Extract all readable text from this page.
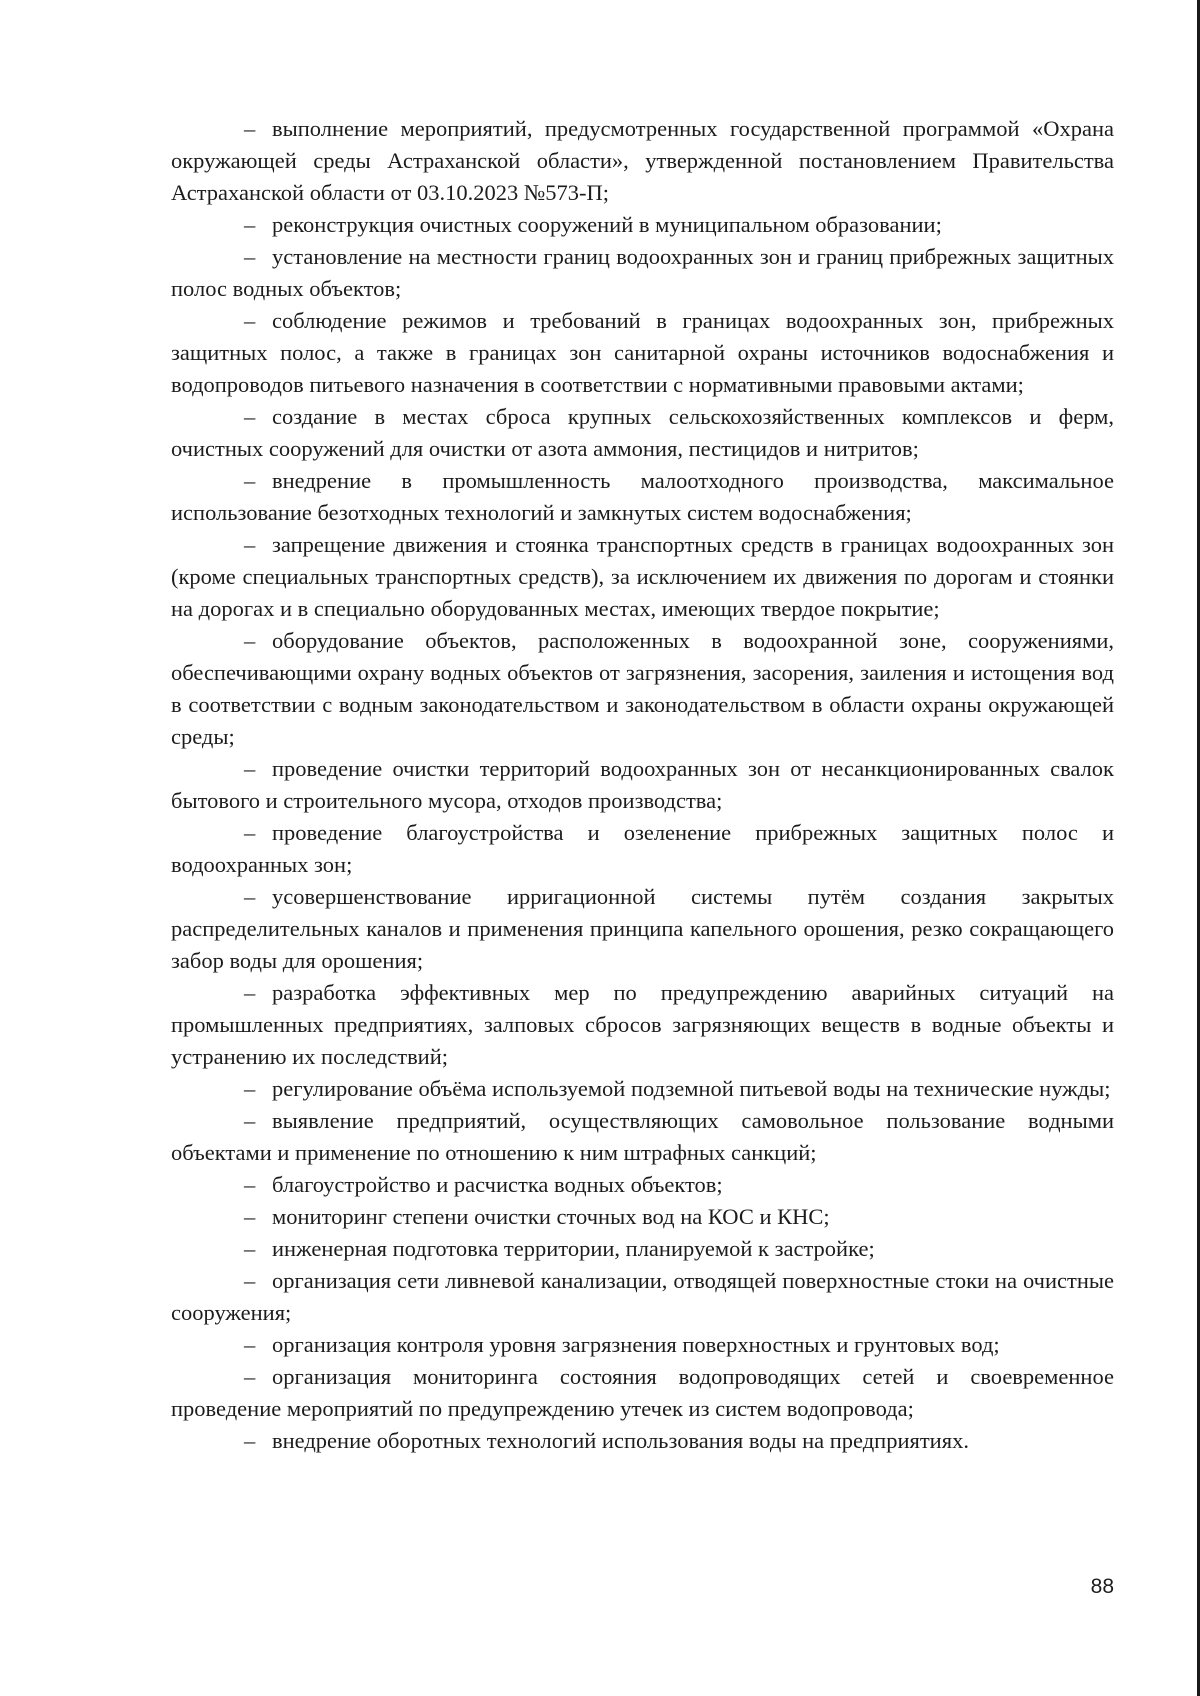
– выполнение мероприятий, предусмотренных государственной программой «Охрана окружающей среды Астраханской области», утвержденной постановлением Правительства Астраханской области от 03.10.2023 №573-П;

– реконструкция очистных сооружений в муниципальном образовании;

– установление на местности границ водоохранных зон и границ прибрежных защитных полос водных объектов;

– соблюдение режимов и требований в границах водоохранных зон, прибрежных защитных полос, а также в границах зон санитарной охраны источников водоснабжения и водопроводов питьевого назначения в соответствии с нормативными правовыми актами;

– создание в местах сброса крупных сельскохозяйственных комплексов и ферм, очистных сооружений для очистки от азота аммония, пестицидов и нитритов;

– внедрение в промышленность малоотходного производства, максимальное использование безотходных технологий и замкнутых систем водоснабжения;

– запрещение движения и стоянка транспортных средств в границах водоохранных зон (кроме специальных транспортных средств), за исключением их движения по дорогам и стоянки на дорогах и в специально оборудованных местах, имеющих твердое покрытие;

– оборудование объектов, расположенных в водоохранной зоне, сооружениями, обеспечивающими охрану водных объектов от загрязнения, засорения, заиления и истощения вод в соответствии с водным законодательством и законодательством в области охраны окружающей среды;

– проведение очистки территорий водоохранных зон от несанкционированных свалок бытового и строительного мусора, отходов производства;

– проведение благоустройства и озеленение прибрежных защитных полос и водоохранных зон;

– усовершенствование ирригационной системы путём создания закрытых распределительных каналов и применения принципа капельного орошения, резко сокращающего забор воды для орошения;

– разработка эффективных мер по предупреждению аварийных ситуаций на промышленных предприятиях, залповых сбросов загрязняющих веществ в водные объекты и устранению их последствий;

– регулирование объёма используемой подземной питьевой воды на технические нужды;

– выявление предприятий, осуществляющих самовольное пользование водными объектами и применение по отношению к ним штрафных санкций;

– благоустройство и расчистка водных объектов;

– мониторинг степени очистки сточных вод на КОС и КНС;

– инженерная подготовка территории, планируемой к застройке;

– организация сети ливневой канализации, отводящей поверхностные стоки на очистные сооружения;

– организация контроля уровня загрязнения поверхностных и грунтовых вод;

– организация мониторинга состояния водопроводящих сетей и своевременное проведение мероприятий по предупреждению утечек из систем водопровода;

– внедрение оборотных технологий использования воды на предприятиях.

88
